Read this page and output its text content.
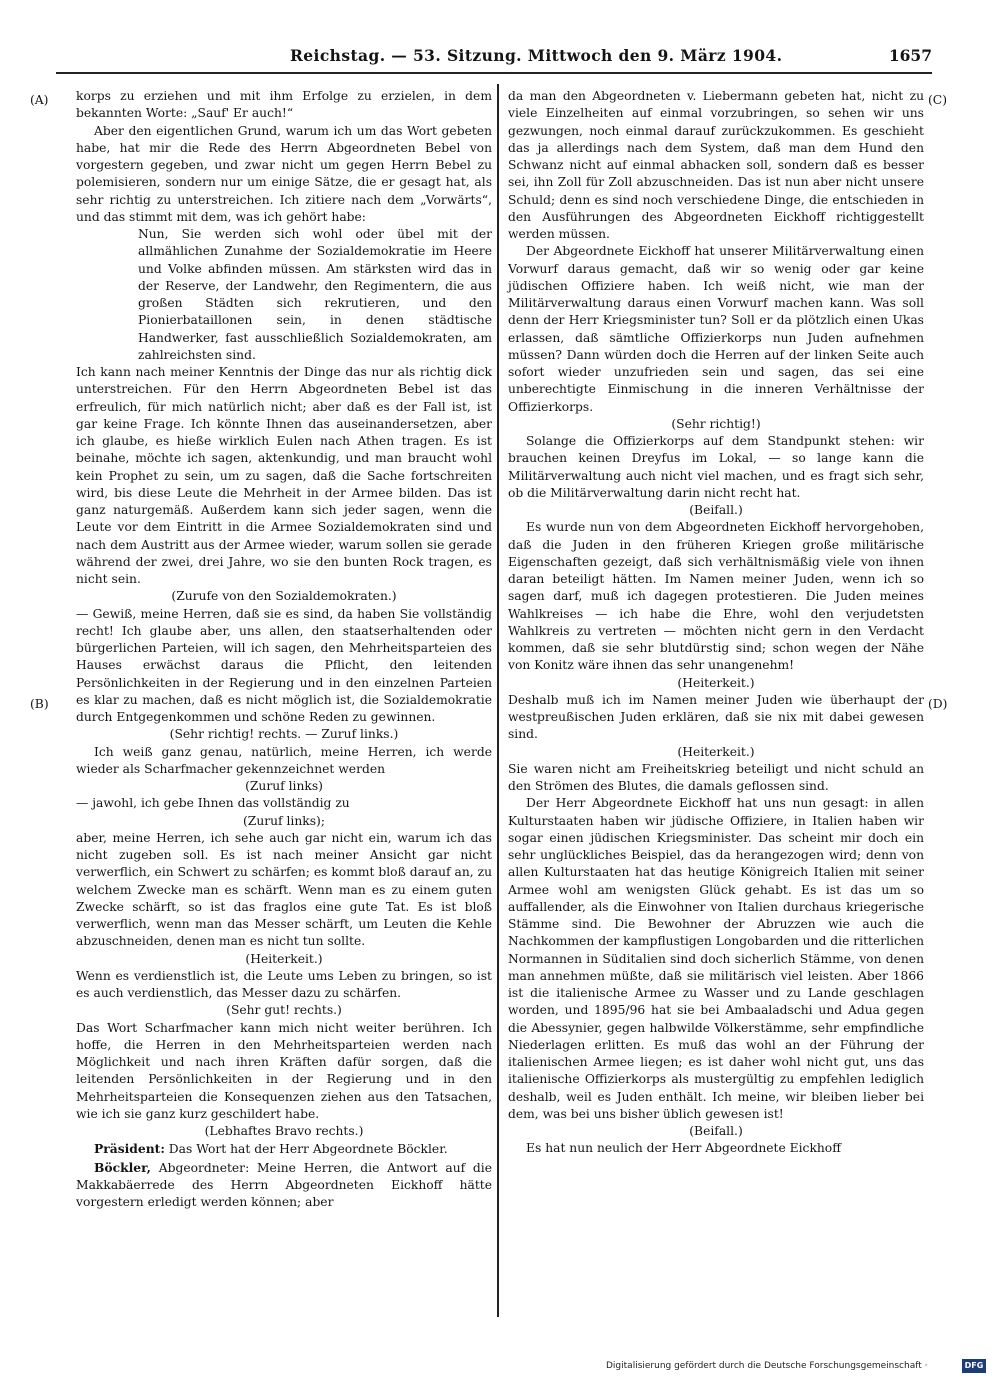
Reichstag. — 53. Sitzung. Mittwoch den 9. März 1904.	1657
(A)
(B)
(C)
(D)

korps zu erziehen und mit ihm Erfolge zu erzielen, in dem bekannten Worte: „Sauf' Er auch!“

Aber den eigentlichen Grund, warum ich um das Wort gebeten habe, hat mir die Rede des Herrn Abgeordneten Bebel von vorgestern gegeben, und zwar nicht um gegen Herrn Bebel zu polemisieren, sondern nur um einige Sätze, die er gesagt hat, als sehr richtig zu unterstreichen. Ich zitiere nach dem „Vorwärts“, und das stimmt mit dem, was ich gehört habe:

Nun, Sie werden sich wohl oder übel mit der allmählichen Zunahme der Sozialdemokratie im Heere und Volke abfinden müssen. Am stärksten wird das in der Reserve, der Landwehr, den Regimentern, die aus großen Städten sich rekrutieren, und den Pionierbataillonen sein, in denen städtische Handwerker, fast ausschließlich Sozialdemokraten, am zahlreichsten sind.

Ich kann nach meiner Kenntnis der Dinge das nur als richtig dick unterstreichen. Für den Herrn Abgeordneten Bebel ist das erfreulich, für mich natürlich nicht; aber daß es der Fall ist, ist gar keine Frage. Ich könnte Ihnen das auseinandersetzen, aber ich glaube, es hieße wirklich Eulen nach Athen tragen. Es ist beinahe, möchte ich sagen, aktenkundig, und man braucht wohl kein Prophet zu sein, um zu sagen, daß die Sache fortschreiten wird, bis diese Leute die Mehrheit in der Armee bilden. Das ist ganz naturgemäß. Außerdem kann sich jeder sagen, wenn die Leute vor dem Eintritt in die Armee Sozialdemokraten sind und nach dem Austritt aus der Armee wieder, warum sollen sie gerade während der zwei, drei Jahre, wo sie den bunten Rock tragen, es nicht sein.

(Zurufe von den Sozialdemokraten.)

— Gewiß, meine Herren, daß sie es sind, da haben Sie vollständig recht! Ich glaube aber, uns allen, den staatserhaltenden oder bürgerlichen Parteien, will ich sagen, den Mehrheitsparteien des Hauses erwächst daraus die Pflicht, den leitenden Persönlichkeiten in der Regierung und in den einzelnen Parteien es klar zu machen, daß es nicht möglich ist, die Sozialdemokratie durch Entgegenkommen und schöne Reden zu gewinnen.

(Sehr richtig! rechts. — Zuruf links.)

Ich weiß ganz genau, natürlich, meine Herren, ich werde wieder als Scharfmacher gekennzeichnet werden

(Zuruf links)

— jawohl, ich gebe Ihnen das vollständig zu

(Zuruf links);

aber, meine Herren, ich sehe auch gar nicht ein, warum ich das nicht zugeben soll. Es ist nach meiner Ansicht gar nicht verwerflich, ein Schwert zu schärfen; es kommt bloß darauf an, zu welchem Zwecke man es schärft. Wenn man es zu einem guten Zwecke schärft, so ist das fraglos eine gute Tat. Es ist bloß verwerflich, wenn man das Messer schärft, um Leuten die Kehle abzuschneiden, denen man es nicht tun sollte.

(Heiterkeit.)

Wenn es verdienstlich ist, die Leute ums Leben zu bringen, so ist es auch verdienstlich, das Messer dazu zu schärfen.

(Sehr gut! rechts.)

Das Wort Scharfmacher kann mich nicht weiter berühren. Ich hoffe, die Herren in den Mehrheitsparteien werden nach Möglichkeit und nach ihren Kräften dafür sorgen, daß die leitenden Persönlichkeiten in der Regierung und in den Mehrheitsparteien die Konsequenzen ziehen aus den Tatsachen, wie ich sie ganz kurz geschildert habe.

(Lebhaftes Bravo rechts.)

Präsident: Das Wort hat der Herr Abgeordnete Böckler.

Böckler, Abgeordneter: Meine Herren, die Antwort auf die Makkabäerrede des Herrn Abgeordneten Eickhoff hätte vorgestern erledigt werden können; aber

da man den Abgeordneten v. Liebermann gebeten hat, nicht zu viele Einzelheiten auf einmal vorzubringen, so sehen wir uns gezwungen, noch einmal darauf zurückzukommen. Es geschieht das ja allerdings nach dem System, daß man dem Hund den Schwanz nicht auf einmal abhacken soll, sondern daß es besser sei, ihn Zoll für Zoll abzuschneiden. Das ist nun aber nicht unsere Schuld; denn es sind noch verschiedene Dinge, die entschieden in den Ausführungen des Abgeordneten Eickhoff richtiggestellt werden müssen.

Der Abgeordnete Eickhoff hat unserer Militärverwaltung einen Vorwurf daraus gemacht, daß wir so wenig oder gar keine jüdischen Offiziere haben. Ich weiß nicht, wie man der Militärverwaltung daraus einen Vorwurf machen kann. Was soll denn der Herr Kriegsminister tun? Soll er da plötzlich einen Ukas erlassen, daß sämtliche Offizierkorps nun Juden aufnehmen müssen? Dann würden doch die Herren auf der linken Seite auch sofort wieder unzufrieden sein und sagen, das sei eine unberechtigte Einmischung in die inneren Verhältnisse der Offizierkorps.

(Sehr richtig!)

Solange die Offizierkorps auf dem Standpunkt stehen: wir brauchen keinen Dreyfus im Lokal, — so lange kann die Militärverwaltung auch nicht viel machen, und es fragt sich sehr, ob die Militärverwaltung darin nicht recht hat.

(Beifall.)

Es wurde nun von dem Abgeordneten Eickhoff hervorgehoben, daß die Juden in den früheren Kriegen große militärische Eigenschaften gezeigt, daß sich verhältnismäßig viele von ihnen daran beteiligt hätten. Im Namen meiner Juden, wenn ich so sagen darf, muß ich dagegen protestieren. Die Juden meines Wahlkreises — ich habe die Ehre, wohl den verjudetsten Wahlkreis zu vertreten — möchten nicht gern in den Verdacht kommen, daß sie sehr blutdürstig sind; schon wegen der Nähe von Konitz wäre ihnen das sehr unangenehm!

(Heiterkeit.)

Deshalb muß ich im Namen meiner Juden wie überhaupt der westpreußischen Juden erklären, daß sie nix mit dabei gewesen sind.

(Heiterkeit.)

Sie waren nicht am Freiheitskrieg beteiligt und nicht schuld an den Strömen des Blutes, die damals geflossen sind.

Der Herr Abgeordnete Eickhoff hat uns nun gesagt: in allen Kulturstaaten haben wir jüdische Offiziere, in Italien haben wir sogar einen jüdischen Kriegsminister. Das scheint mir doch ein sehr unglückliches Beispiel, das da herangezogen wird; denn von allen Kulturstaaten hat das heutige Königreich Italien mit seiner Armee wohl am wenigsten Glück gehabt. Es ist das um so auffallender, als die Einwohner von Italien durchaus kriegerische Stämme sind. Die Bewohner der Abruzzen wie auch die Nachkommen der kampflustigen Longobarden und die ritterlichen Normannen in Süditalien sind doch sicherlich Stämme, von denen man annehmen müßte, daß sie militärisch viel leisten. Aber 1866 ist die italienische Armee zu Wasser und zu Lande geschlagen worden, und 1895/96 hat sie bei Ambaaladschi und Adua gegen die Abessynier, gegen halbwilde Völkerstämme, sehr empfindliche Niederlagen erlitten. Es muß das wohl an der Führung der italienischen Armee liegen; es ist daher wohl nicht gut, uns das italienische Offizierkorps als mustergültig zu empfehlen lediglich deshalb, weil es Juden enthält. Ich meine, wir bleiben lieber bei dem, was bei uns bisher üblich gewesen ist!

(Beifall.)

Es hat nun neulich der Herr Abgeordnete Eickhoff

Digitalisierung gefördert durch die Deutsche Forschungsgemeinschaft ·	DFG
